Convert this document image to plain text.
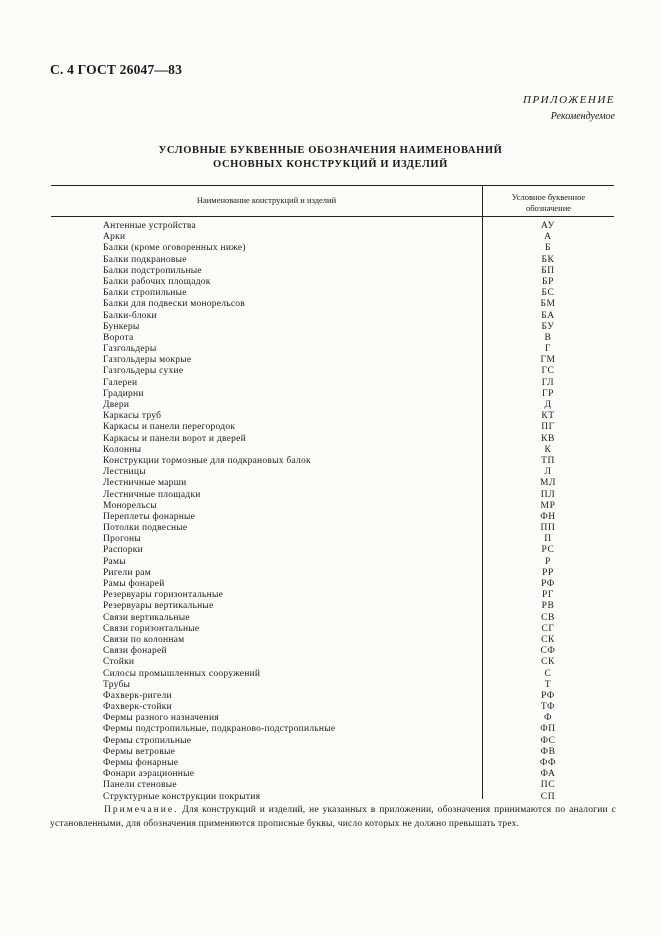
С. 4 ГОСТ 26047—83
ПРИЛОЖЕНИЕ
Рекомендуемое
УСЛОВНЫЕ БУКВЕННЫЕ ОБОЗНАЧЕНИЯ НАИМЕНОВАНИЙ
ОСНОВНЫХ КОНСТРУКЦИЙ И ИЗДЕЛИЙ
Наименование конструкций и изделий	Условное буквенное
обозначение
Антенные устройства	АУ
Арки	А
Балки (кроме оговоренных ниже)	Б
Балки подкрановые	БК
Балки подстропильные	БП
Балки рабочих площадок	БР
Балки стропильные	БС
Балки для подвески монорельсов	БМ
Балки-блоки	БА
Бункеры	БУ
Ворота	В
Газгольдеры	Г
Газгольдеры мокрые	ГМ
Газгольдеры сухие	ГС
Галереи	ГЛ
Градирни	ГР
Двери	Д
Каркасы труб	КТ
Каркасы и панели перегородок	ПГ
Каркасы и панели ворот и дверей	КВ
Колонны	К
Конструкции тормозные для подкрановых балок	ТП
Лестницы	Л
Лестничные марши	МЛ
Лестничные площадки	ПЛ
Монорельсы	МР
Переплеты фонарные	ФН
Потолки подвесные	ПП
Прогоны	П
Распорки	РС
Рамы	Р
Ригели рам	РР
Рамы фонарей	РФ
Резервуары горизонтальные	РГ
Резервуары вертикальные	РВ
Связи вертикальные	СВ
Связи горизонтальные	СГ
Связи по колоннам	СК
Связи фонарей	СФ
Стойки	СК
Силосы промышленных сооружений	С
Трубы	Т
Фахверк-ригели	РФ
Фахверк-стойки	ТФ
Фермы разного назначения	Ф
Фермы подстропильные, подкраново-подстропильные	ФП
Фермы стропильные	ФС
Фермы ветровые	ФВ
Фермы фонарные	ФФ
Фонари аэрационные	ФА
Панели стеновые	ПС
Структурные конструкции покрытия	СП
Примечание. Для конструкций и изделий, не указанных в приложении, обозначения принимаются по аналогии с установленными, для обозначения применяются прописные буквы, число которых не должно превышать трех.
